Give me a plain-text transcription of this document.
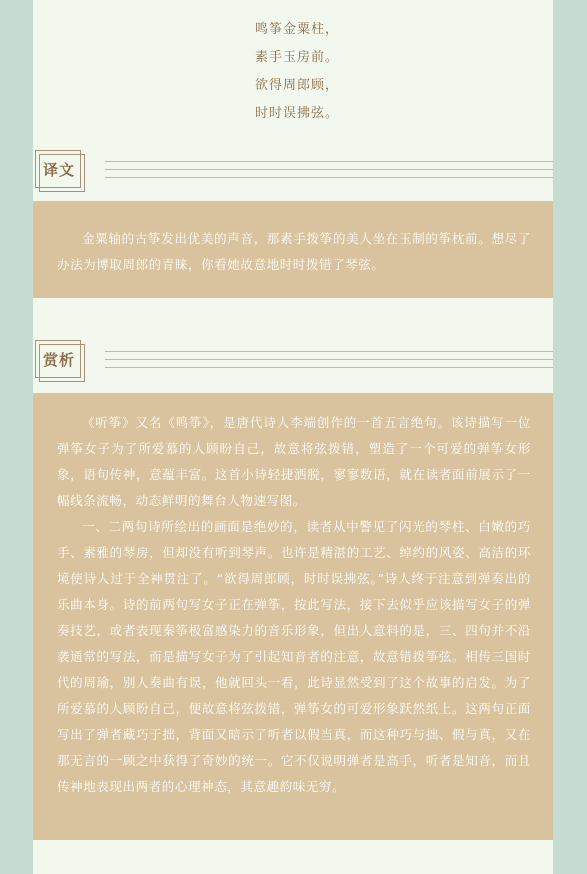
鸣筝金粟柱，
素手玉房前。
欲得周郎顾，
时时误拂弦。
译文

金粟轴的古筝发出优美的声音，那素手拨筝的美人坐在玉制的筝枕前。想尽了办法为博取周郎的青睐，你看她故意地时时拨错了琴弦。

赏析

《听筝》又名《鸣筝》，是唐代诗人李端创作的一首五言绝句。该诗描写一位弹筝女子为了所爱慕的人顾盼自己，故意将弦拨错，塑造了一个可爱的弹筝女形象，语句传神，意蕴丰富。这首小诗轻捷洒脱，寥寥数语，就在读者面前展示了一幅线条流畅，动态鲜明的舞台人物速写图。

一、二两句诗所绘出的画面是绝妙的，读者从中警见了闪光的琴柱、白嫩的巧手、素雅的琴房，但却没有听到琴声。也许是精湛的工艺、绰约的风姿、高洁的环境使诗人过于全神贯注了。“欲得周郎顾，时时误拂弦。”诗人终于注意到弹奏出的乐曲本身。诗的前两句写女子正在弹筝，按此写法，接下去似乎应该描写女子的弹奏技艺，或者表现秦筝极富感染力的音乐形象，但出人意料的是，三、四句并不沿袭通常的写法，而是描写女子为了引起知音者的注意，故意错拨筝弦。相传三国时代的周瑜，别人奏曲有误，他就回头一看，此诗显然受到了这个故事的启发。为了所爱慕的人顾盼自己，便故意将弦拨错，弹筝女的可爱形象跃然纸上。这两句正面写出了弹者藏巧于拙，背面又暗示了听者以假当真，而这种巧与拙、假与真，又在那无言的一顾之中获得了奇妙的统一。它不仅说明弹者是高手，听者是知音，而且传神地表现出两者的心理神态，其意趣韵味无穷。
